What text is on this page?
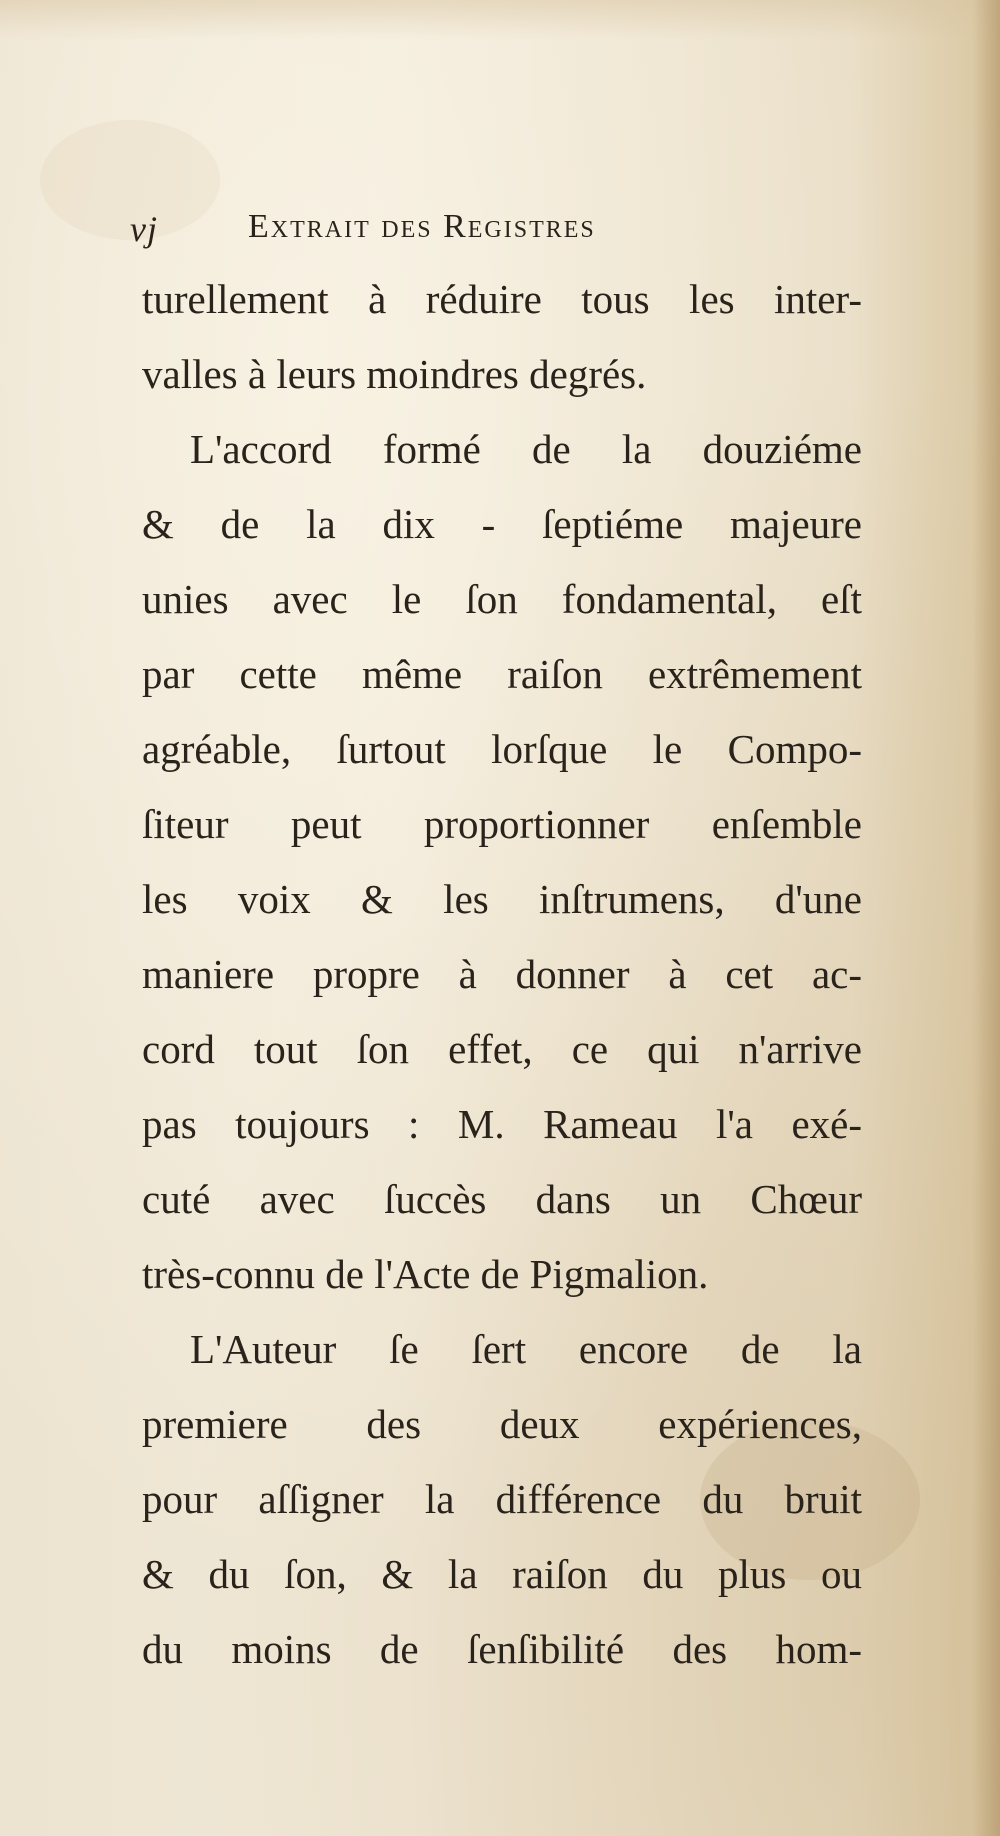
vj	Extrait des Registres
turellement à réduire tous les inter-
valles à leurs moindres degrés.
L'accord formé de la douziéme
& de la dix - ſeptiéme majeure
unies avec le ſon fondamental, eſt
par cette même raiſon extrêmement
agréable, ſurtout lorſque le Compo-
ſiteur peut proportionner enſemble
les voix & les inſtrumens, d'une
maniere propre à donner à cet ac-
cord tout ſon effet, ce qui n'arrive
pas toujours : M. Rameau l'a exé-
cuté avec ſuccès dans un Chœur
très-connu de l'Acte de Pigmalion.
L'Auteur ſe ſert encore de la
premiere des deux expériences,
pour aſſigner la différence du bruit
& du ſon, & la raiſon du plus ou
du moins de ſenſibilité des hom-
